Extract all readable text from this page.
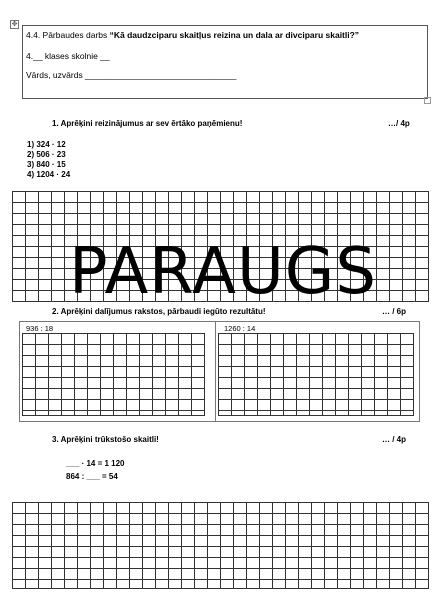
✥
4.4. Pārbaudes darbs “Kā daudzciparu skaitļus reizina un dala ar divciparu skaitli?”
4.__ klases skolnie __
Vārds, uzvārds ________________________________
1. Aprēķini reizinājumus ar sev ērtāko paņēmienu!	…/ 4p
1) 324 · 12
2) 506 · 23
3) 840 · 15
4) 1204 · 24
2. Aprēķini dalījumus rakstos, pārbaudi iegūto rezultātu!	… / 6p
936 : 18	1260 : 14
PARAUGS
3. Aprēķini trūkstošo skaitli!	… / 4p
___ · 14 = 1 120
864 : ___ = 54
